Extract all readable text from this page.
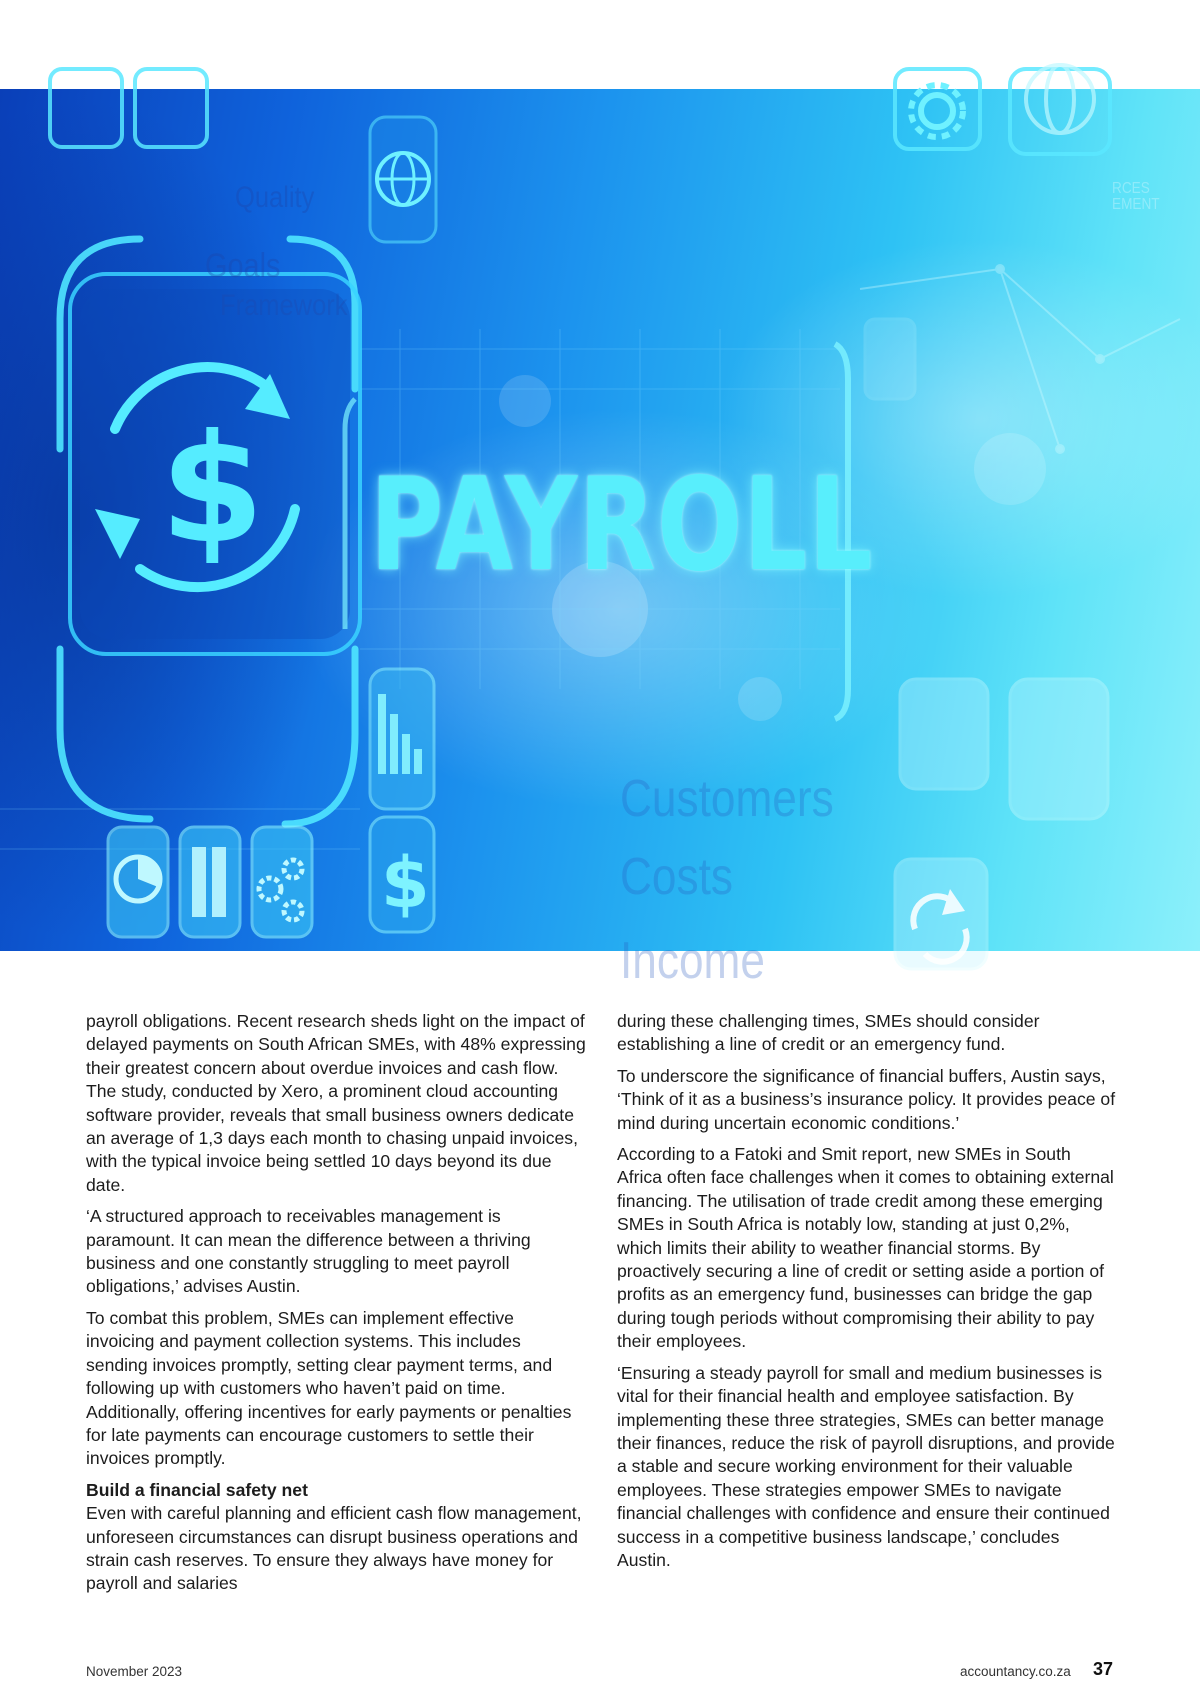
$
$
PAYROLL
Quality
Goals
Framework
Customers
Costs
Income
RCES
EMENT

payroll obligations. Recent research sheds light on the impact of delayed payments on South African SMEs, with 48% expressing their greatest concern about overdue invoices and cash flow. The study, conducted by Xero, a prominent cloud accounting software provider, reveals that small business owners dedicate an average of 1,3 days each month to chasing unpaid invoices, with the typical invoice being settled 10 days beyond its due date.

‘A structured approach to receivables management is paramount. It can mean the difference between a thriving business and one constantly struggling to meet payroll obligations,’ advises Austin.

To combat this problem, SMEs can implement effective invoicing and payment collection systems. This includes sending invoices promptly, setting clear payment terms, and following up with customers who haven’t paid on time. Additionally, offering incentives for early payments or penalties for late payments can encourage customers to settle their invoices promptly.

Build a financial safety net

Even with careful planning and efficient cash flow management, unforeseen circumstances can disrupt business operations and strain cash reserves. To ensure they always have money for payroll and salaries

during these challenging times, SMEs should consider establishing a line of credit or an emergency fund.

To underscore the significance of financial buffers, Austin says, ‘Think of it as a business’s insurance policy. It provides peace of mind during uncertain economic conditions.’

According to a Fatoki and Smit report, new SMEs in South Africa often face challenges when it comes to obtaining external financing. The utilisation of trade credit among these emerging SMEs in South Africa is notably low, standing at just 0,2%, which limits their ability to weather financial storms. By proactively securing a line of credit or setting aside a portion of profits as an emergency fund, businesses can bridge the gap during tough periods without compromising their ability to pay their employees.

‘Ensuring a steady payroll for small and medium businesses is vital for their financial health and employee satisfaction. By implementing these three strategies, SMEs can better manage their finances, reduce the risk of payroll disruptions, and provide a stable and secure working environment for their valuable employees. These strategies empower SMEs to navigate financial challenges with confidence and ensure their continued success in a competitive business landscape,’ concludes Austin.

November 2023	accountancy.co.za 37
